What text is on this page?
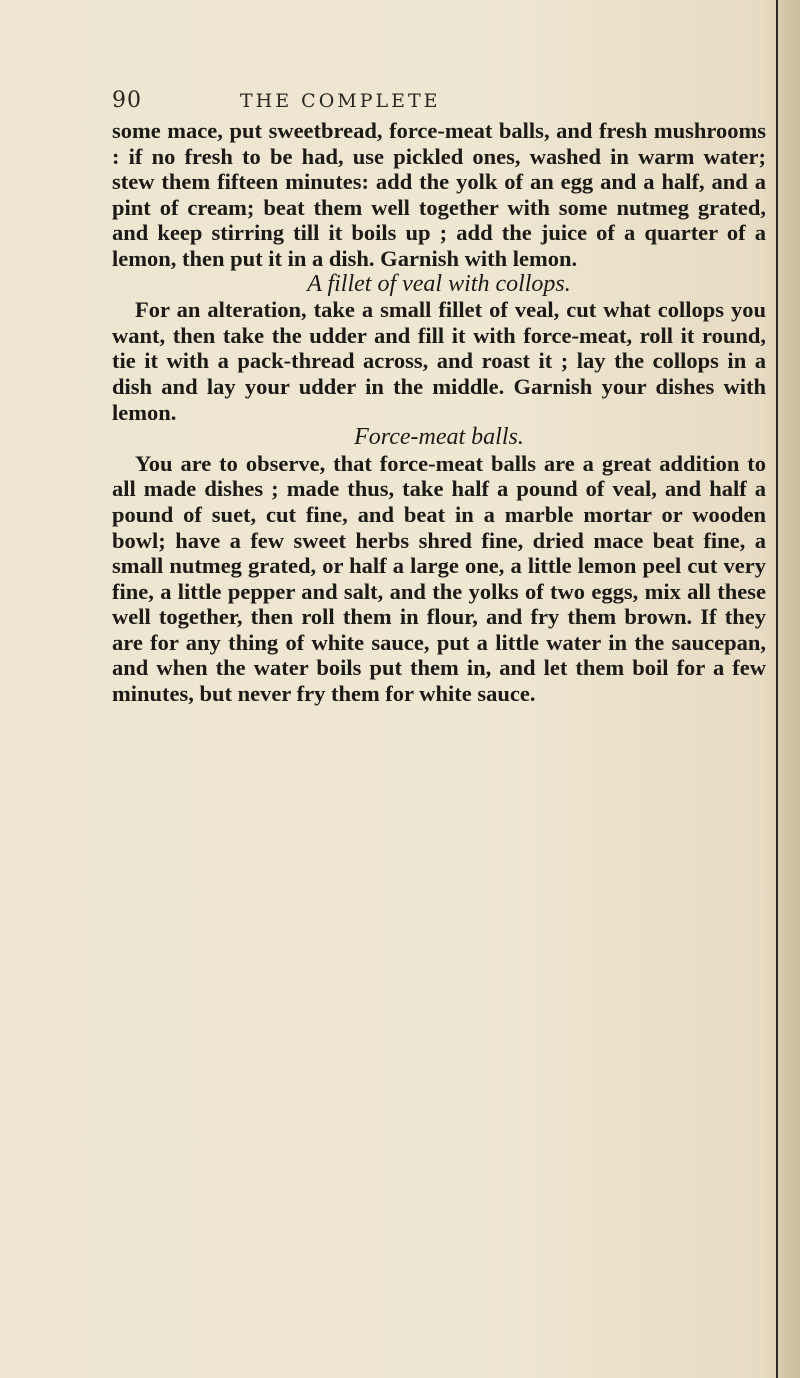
90	THE COMPLETE

some mace, put sweetbread, force-meat balls, and fresh mushrooms : if no fresh to be had, use pickled ones, washed in warm water; stew them fifteen minutes: add the yolk of an egg and a half, and a pint of cream; beat them well together with some nutmeg grated, and keep stirring till it boils up ; add the juice of a quarter of a lemon, then put it in a dish. Garnish with lemon.

A fillet of veal with collops.

For an alteration, take a small fillet of veal, cut what collops you want, then take the udder and fill it with force-meat, roll it round, tie it with a pack-thread across, and roast it ; lay the collops in a dish and lay your udder in the middle. Garnish your dishes with lemon.

Force-meat balls.

You are to observe, that force-meat balls are a great addition to all made dishes ; made thus, take half a pound of veal, and half a pound of suet, cut fine, and beat in a marble mortar or wooden bowl; have a few sweet herbs shred fine, dried mace beat fine, a small nutmeg grated, or half a large one, a little lemon peel cut very fine, a little pepper and salt, and the yolks of two eggs, mix all these well together, then roll them in flour, and fry them brown. If they are for any thing of white sauce, put a little water in the saucepan, and when the water boils put them in, and let them boil for a few minutes, but never fry them for white sauce.
